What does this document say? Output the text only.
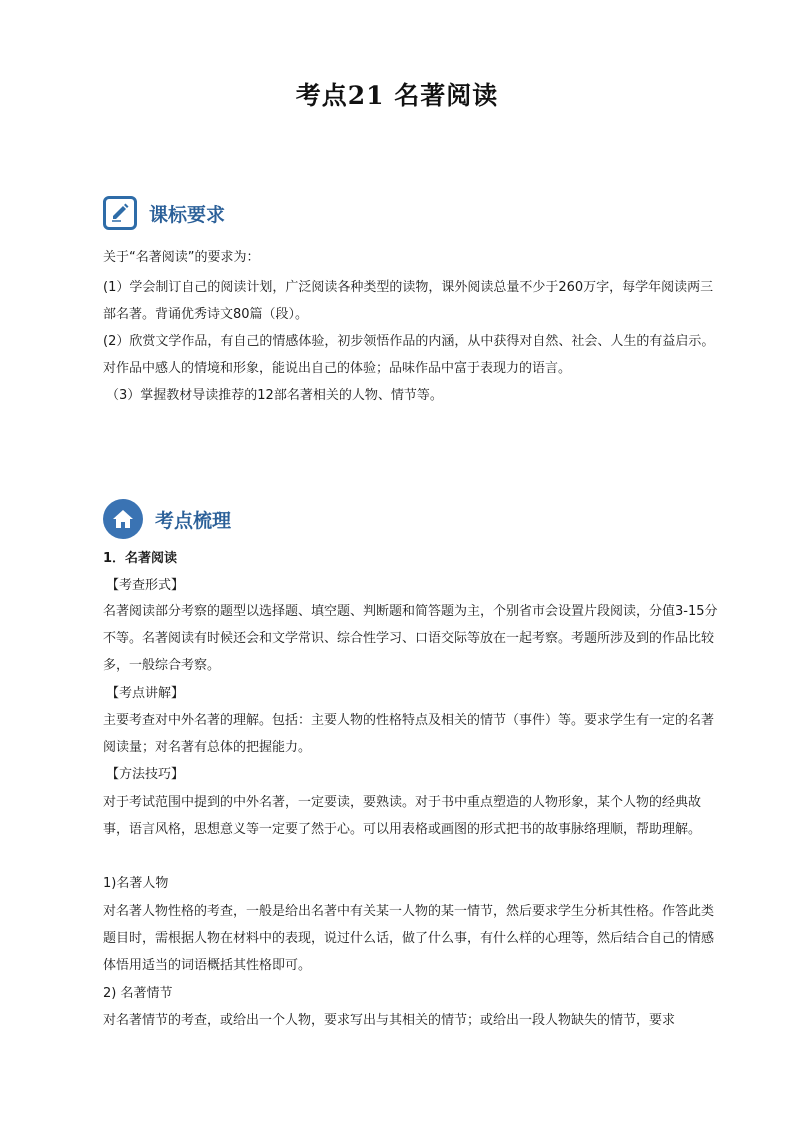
考点21 名著阅读
课标要求

关于“名著阅读”的要求为：

(1）学会制订自己的阅读计划，广泛阅读各种类型的读物，课外阅读总量不少于260万字，每学年阅读两三部名著。背诵优秀诗文80篇（段）。

(2）欣赏文学作品，有自己的情感体验，初步领悟作品的内涵，从中获得对自然、社会、人生的有益启示。对作品中感人的情境和形象，能说出自己的体验；品味作品中富于表现力的语言。

（3）掌握教材导读推荐的12部名著相关的人物、情节等。

考点梳理

1．名著阅读

【考查形式】

名著阅读部分考察的题型以选择题、填空题、判断题和简答题为主，个别省市会设置片段阅读，分值3-15分不等。名著阅读有时候还会和文学常识、综合性学习、口语交际等放在一起考察。考题所涉及到的作品比较多，一般综合考察。

【考点讲解】

主要考查对中外名著的理解。包括：主要人物的性格特点及相关的情节（事件）等。要求学生有一定的名著阅读量；对名著有总体的把握能力。

【方法技巧】

对于考试范围中提到的中外名著，一定要读，要熟读。对于书中重点塑造的人物形象，某个人物的经典故事，语言风格，思想意义等一定要了然于心。可以用表格或画图的形式把书的故事脉络理顺，帮助理解。

1)名著人物

对名著人物性格的考查，一般是给出名著中有关某一人物的某一情节，然后要求学生分析其性格。作答此类题目时，需根据人物在材料中的表现，说过什么话，做了什么事，有什么样的心理等，然后结合自己的情感体悟用适当的词语概括其性格即可。

2) 名著情节

对名著情节的考查，或给出一个人物，要求写出与其相关的情节；或给出一段人物缺失的情节，要求
